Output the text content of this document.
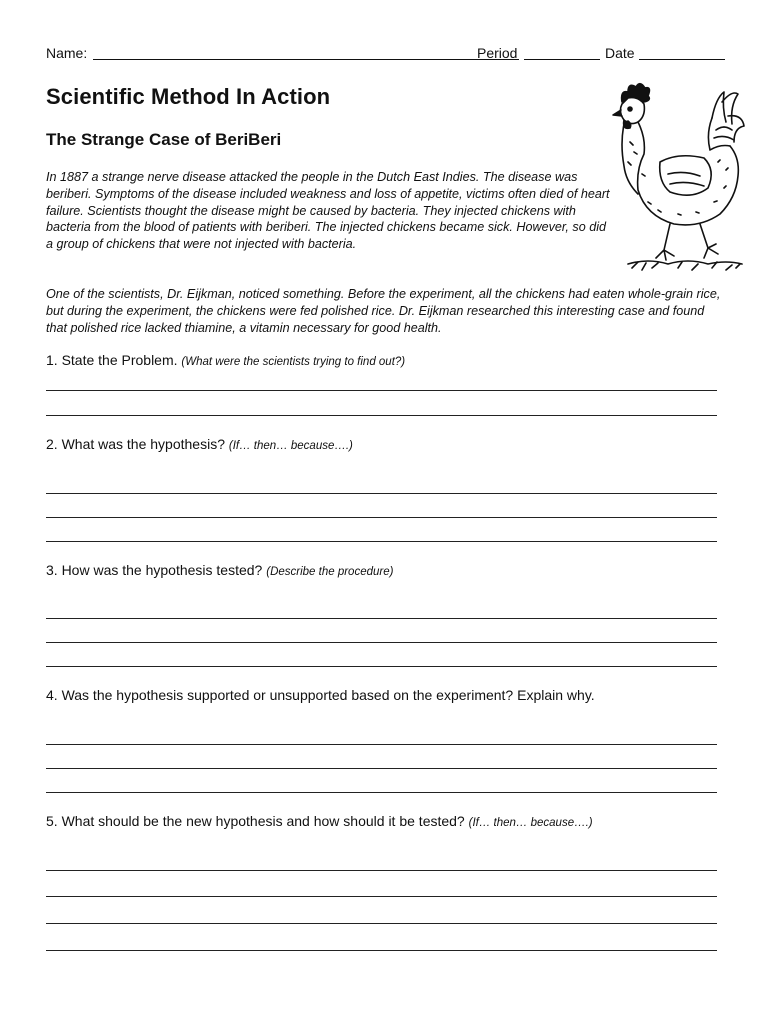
Name:	Period	Date
Scientific Method In Action
The Strange Case of BeriBeri
In 1887 a strange nerve disease attacked the people in the Dutch East Indies. The disease was beriberi. Symptoms of the disease included weakness and loss of appetite, victims often died of heart failure. Scientists thought the disease might be caused by bacteria. They injected chickens with bacteria from the blood of patients with beriberi. The injected chickens became sick. However, so did a group of chickens that were not injected with bacteria.
One of the scientists, Dr. Eijkman, noticed something. Before the experiment, all the chickens had eaten whole-grain rice, but during the experiment, the chickens were fed polished rice. Dr. Eijkman researched this interesting case and found that polished rice lacked thiamine, a vitamin necessary for good health.
1. State the Problem. (What were the scientists trying to find out?)
2. What was the hypothesis? (If… then… because….)
3. How was the hypothesis tested? (Describe the procedure)
4. Was the hypothesis supported or unsupported based on the experiment? Explain why.
5. What should be the new hypothesis and how should it be tested? (If… then… because….)
